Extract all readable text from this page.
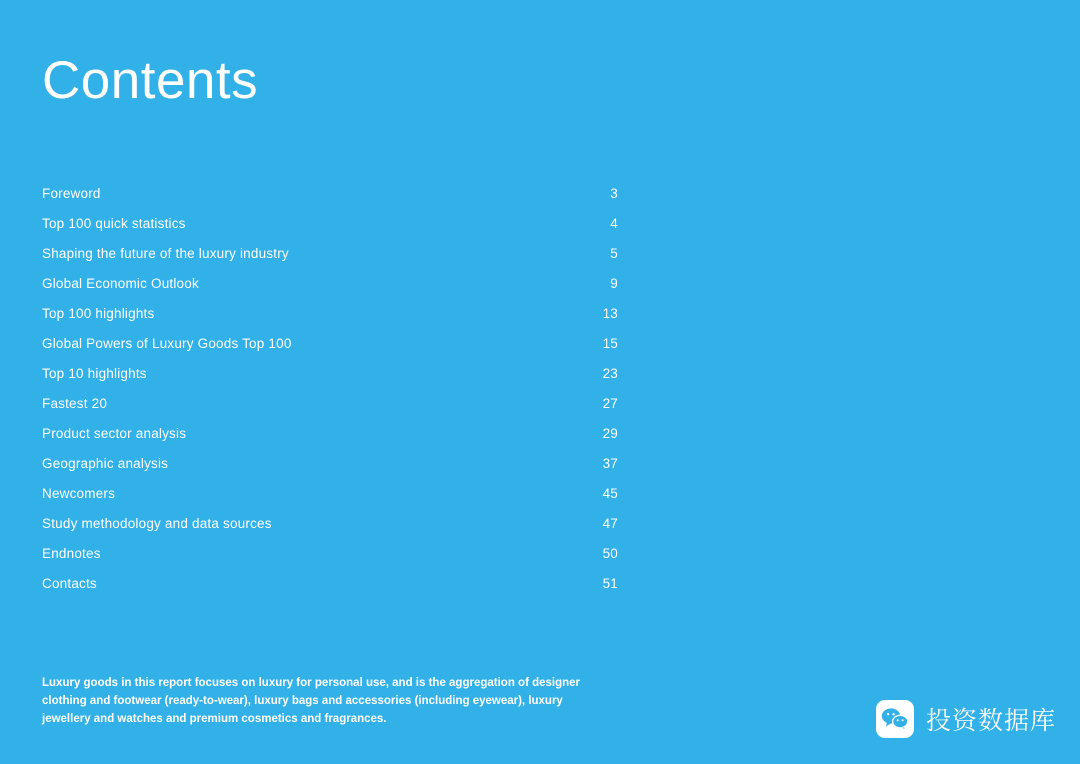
Contents
Foreword	3
Top 100 quick statistics	4
Shaping the future of the luxury industry	5
Global Economic Outlook	9
Top 100 highlights	13
Global Powers of Luxury Goods Top 100	15
Top 10 highlights	23
Fastest 20	27
Product sector analysis	29
Geographic analysis	37
Newcomers	45
Study methodology and data sources	47
Endnotes	50
Contacts	51
Luxury goods in this report focuses on luxury for personal use, and is the aggregation of designer clothing and footwear (ready-to-wear), luxury bags and accessories (including eyewear), luxury jewellery and watches and premium cosmetics and fragrances.	投资数据库
